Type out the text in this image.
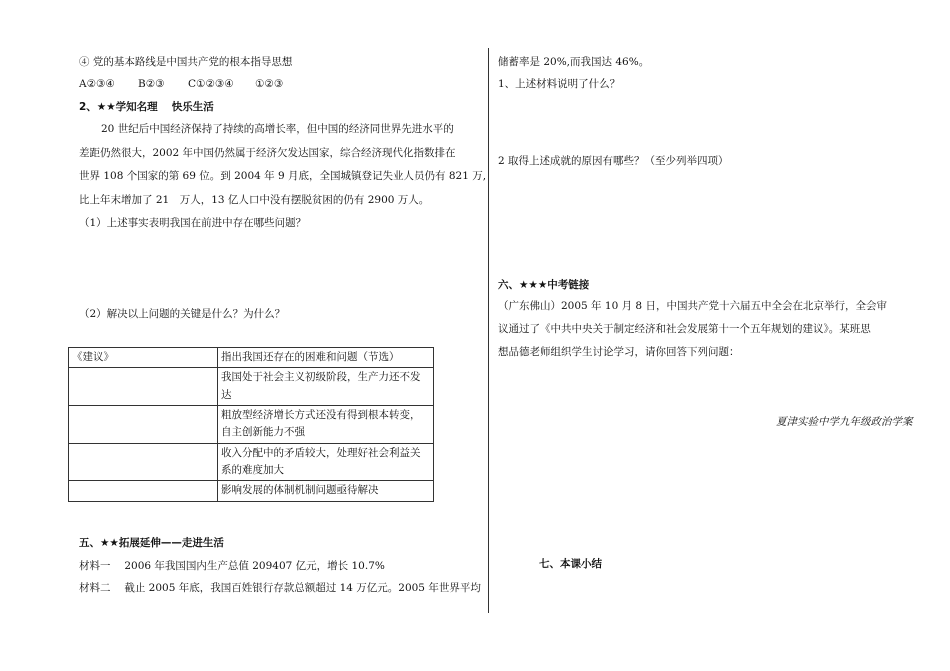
④ 党的基本路线是中国共产党的根本指导思想
A②③④ B②③ C①②③④ ①②③
2、★★学知名理　 快乐生活
20 世纪后中国经济保持了持续的高增长率，但中国的经济同世界先进水平的
差距仍然很大，2002 年中国仍然属于经济欠发达国家，综合经济现代化指数排在
世界 108 个国家的第 69 位。到 2004 年 9 月底，全国城镇登记失业人员仍有 821 万,
比上年末增加了 21　万人，13 亿人口中没有摆脱贫困的仍有 2900 万人。
（1）上述事实表明我国在前进中存在哪些问题？
（2）解决以上问题的关键是什么？为什么？
《建议》	指出我国还存在的困难和问题（节选）
	我国处于社会主义初级阶段，生产力还不发达
	粗放型经济增长方式还没有得到根本转变，自主创新能力不强
	收入分配中的矛盾较大，处理好社会利益关系的难度加大
	影响发展的体制机制问题亟待解决
五、★★拓展延伸——走进生活
材料一　 2006 年我国国内生产总值 209407 亿元，增长 10.7%
材料二　 截止 2005 年底，我国百姓银行存款总额超过 14 万亿元。2005 年世界平均
储蓄率是 20%,而我国达 46%。
1、上述材料说明了什么？
2 取得上述成就的原因有哪些？（至少列举四项）
六、★★★中考链接
（广东佛山）2005 年 10 月 8 日，中国共产党十六届五中全会在北京举行，全会审
议通过了《中共中央关于制定经济和社会发展第十一个五年规划的建议》。某班思
想品德老师组织学生讨论学习，请你回答下列问题：
夏津实验中学九年级政治学案
七、本课小结
